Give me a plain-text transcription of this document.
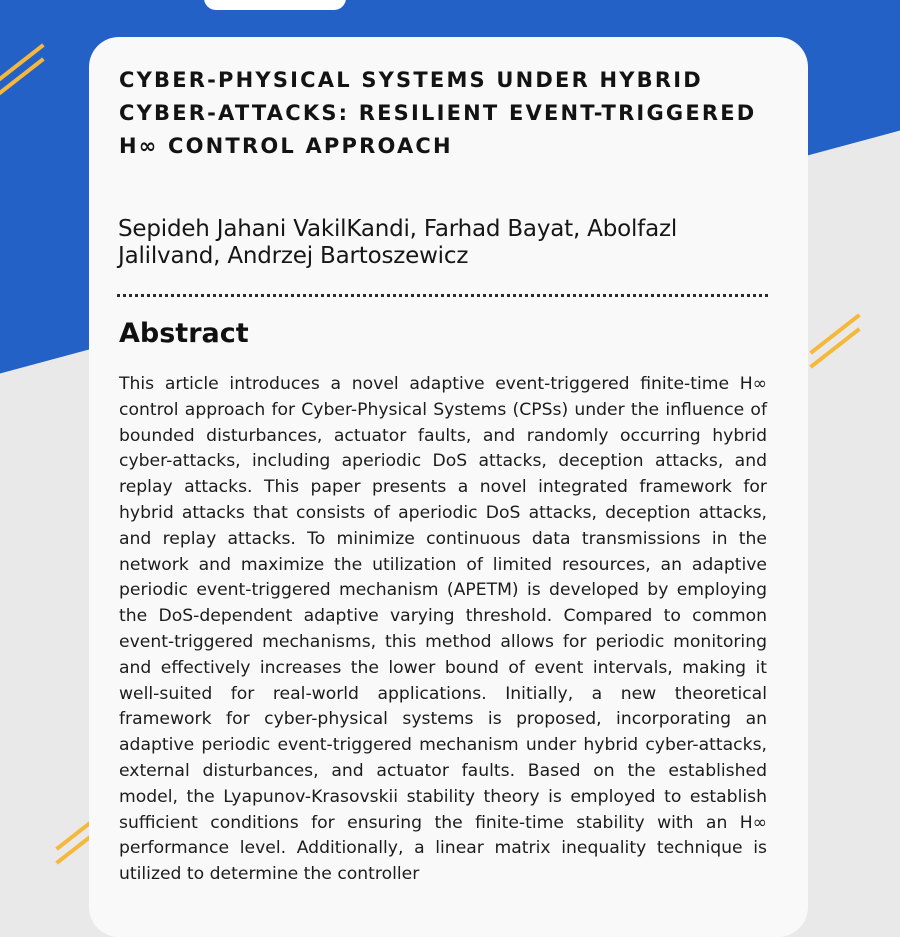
CYBER-PHYSICAL SYSTEMS UNDER HYBRID CYBER-ATTACKS: RESILIENT EVENT-TRIGGERED
H∞ CONTROL APPROACH

Sepideh Jahani VakilKandi, Farhad Bayat, Abolfazl Jalilvand, Andrzej Bartoszewicz

Abstract

This article introduces a novel adaptive event-triggered finite-time H∞ control approach for Cyber-Physical Systems (CPSs) under the influence of bounded disturbances, actuator faults, and randomly occurring hybrid cyber-attacks, including aperiodic DoS attacks, deception attacks, and replay attacks. This paper presents a novel integrated framework for hybrid attacks that consists of aperiodic DoS attacks, deception attacks, and replay attacks. To minimize continuous data transmissions in the network and maximize the utilization of limited resources, an adaptive periodic event-triggered mechanism (APETM) is developed by employing the DoS-dependent adaptive varying threshold. Compared to common event-triggered mechanisms, this method allows for periodic monitoring and effectively increases the lower bound of event intervals, making it well-suited for real-world applications. Initially, a new theoretical framework for cyber-physical systems is proposed, incorporating an adaptive periodic event-triggered mechanism under hybrid cyber-attacks, external disturbances, and actuator faults. Based on the established model, the Lyapunov-Krasovskii stability theory is employed to establish sufficient conditions for ensuring the finite-time stability with an H∞ performance level. Additionally, a linear matrix inequality technique is utilized to determine the controller
